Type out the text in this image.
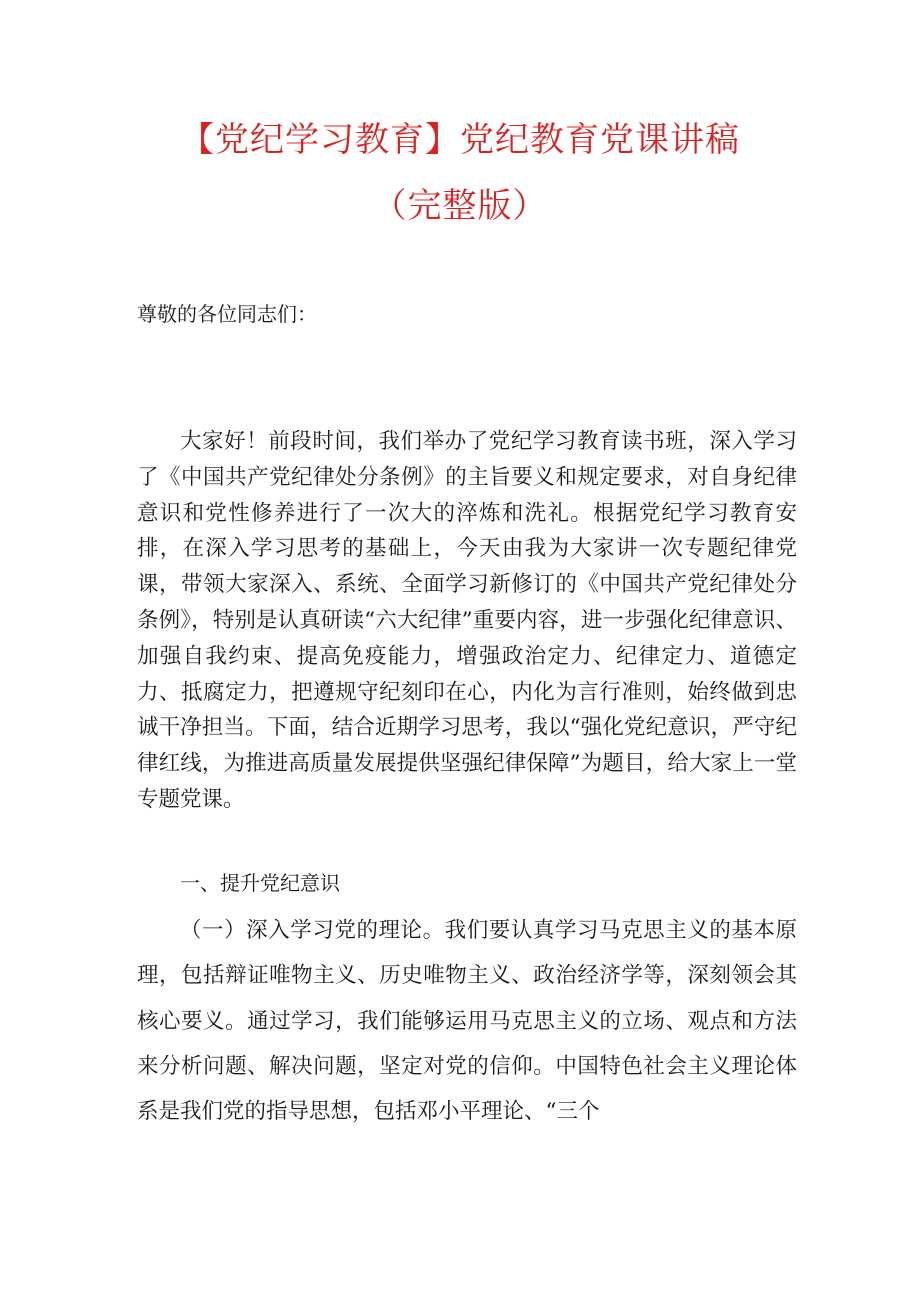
【党纪学习教育】党纪教育党课讲稿
（完整版）
尊敬的各位同志们：

大家好！前段时间，我们举办了党纪学习教育读书班，深入学习了《中国共产党纪律处分条例》的主旨要义和规定要求，对自身纪律意识和党性修养进行了一次大的淬炼和洗礼。根据党纪学习教育安排，在深入学习思考的基础上，今天由我为大家讲一次专题纪律党课，带领大家深入、系统、全面学习新修订的《中国共产党纪律处分条例》，特别是认真研读“六大纪律”重要内容，进一步强化纪律意识、加强自我约束、提高免疫能力，增强政治定力、纪律定力、道德定力、抵腐定力，把遵规守纪刻印在心，内化为言行准则，始终做到忠诚干净担当。下面，结合近期学习思考，我以“强化党纪意识，严守纪律红线，为推进高质量发展提供坚强纪律保障”为题目，给大家上一堂专题党课。

一、提升党纪意识

（一）深入学习党的理论。我们要认真学习马克思主义的基本原理，包括辩证唯物主义、历史唯物主义、政治经济学等，深刻领会其核心要义。通过学习，我们能够运用马克思主义的立场、观点和方法来分析问题、解决问题，坚定对党的信仰。中国特色社会主义理论体系是我们党的指导思想，包括邓小平理论、“三个
